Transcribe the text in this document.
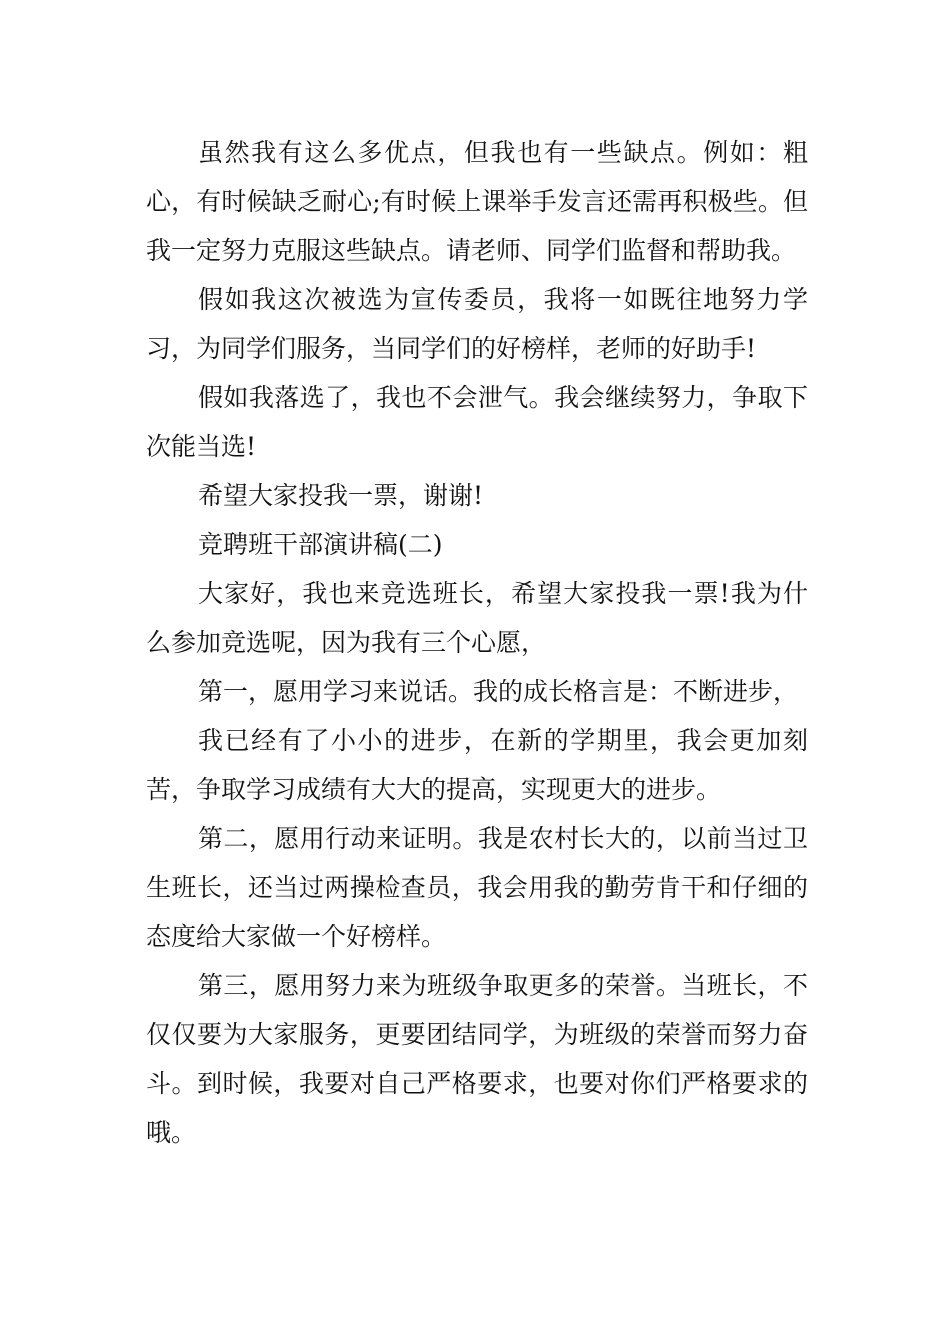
虽然我有这么多优点，但我也有一些缺点。例如：粗心，有时候缺乏耐心;有时候上课举手发言还需再积极些。但我一定努力克服这些缺点。请老师、同学们监督和帮助我。

假如我这次被选为宣传委员，我将一如既往地努力学习，为同学们服务，当同学们的好榜样，老师的好助手!

假如我落选了，我也不会泄气。我会继续努力，争取下次能当选!

希望大家投我一票，谢谢!

竞聘班干部演讲稿(二)

大家好，我也来竞选班长，希望大家投我一票!我为什么参加竞选呢，因为我有三个心愿，

第一，愿用学习来说话。我的成长格言是：不断进步，

我已经有了小小的进步，在新的学期里，我会更加刻苦，争取学习成绩有大大的提高，实现更大的进步。

第二，愿用行动来证明。我是农村长大的，以前当过卫生班长，还当过两操检查员，我会用我的勤劳肯干和仔细的态度给大家做一个好榜样。

第三，愿用努力来为班级争取更多的荣誉。当班长，不仅仅要为大家服务，更要团结同学，为班级的荣誉而努力奋斗。到时候，我要对自己严格要求，也要对你们严格要求的哦。
